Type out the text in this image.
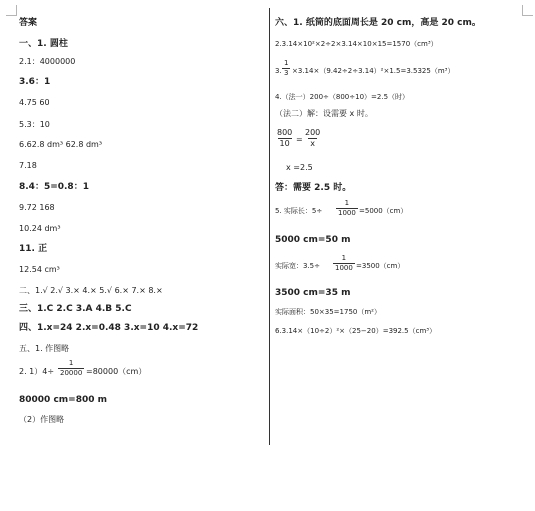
答案
一、1. 圆柱
2.1：4000000
3.6：1
4.75 60
5.3：10
6.62.8 dm³ 62.8 dm³
7.18
8.4：5=0.8：1
9.72 168
10.24 dm³
11. 正
12.54 cm³
二、1.√ 2.√ 3.× 4.× 5.√ 6.× 7.× 8.×
三、1.C 2.C 3.A 4.B 5.C
四、1.x=24 2.x=0.48 3.x=10 4.x=72
五、1. 作图略
2. $1)4\div \frac{1}{20000} =80000(cm)$
80000 cm=800 m
（2）作图略
六、1. 纸筒的底面周长是 20 cm，高是 20 cm。
2.3.14×10²×2÷2×3.14×10×15=1570（cm³）
3. $\frac{1}{3} \times 3.14\times(9.42\div 2\div 3.14)^2\times 1.5=3.5325(m^3)$
4.（法一）200÷（800÷10）=2.5（时）
（法二）解：设需要 x 时。
$\frac{800}{10} = \frac{200}{x}$
x =2.5
答：需要 2.5 时。
5. 实际长：$5\div \frac{1}{1000} =5000(cm)$
5000 cm=50 m
实际宽：$3.5\div \frac{1}{1000} =3500(cm)$
3500 cm=35 m
实际面积：50×35=1750（m²）
6.3.14×（10÷2）²×（25−20）=392.5（cm³）
